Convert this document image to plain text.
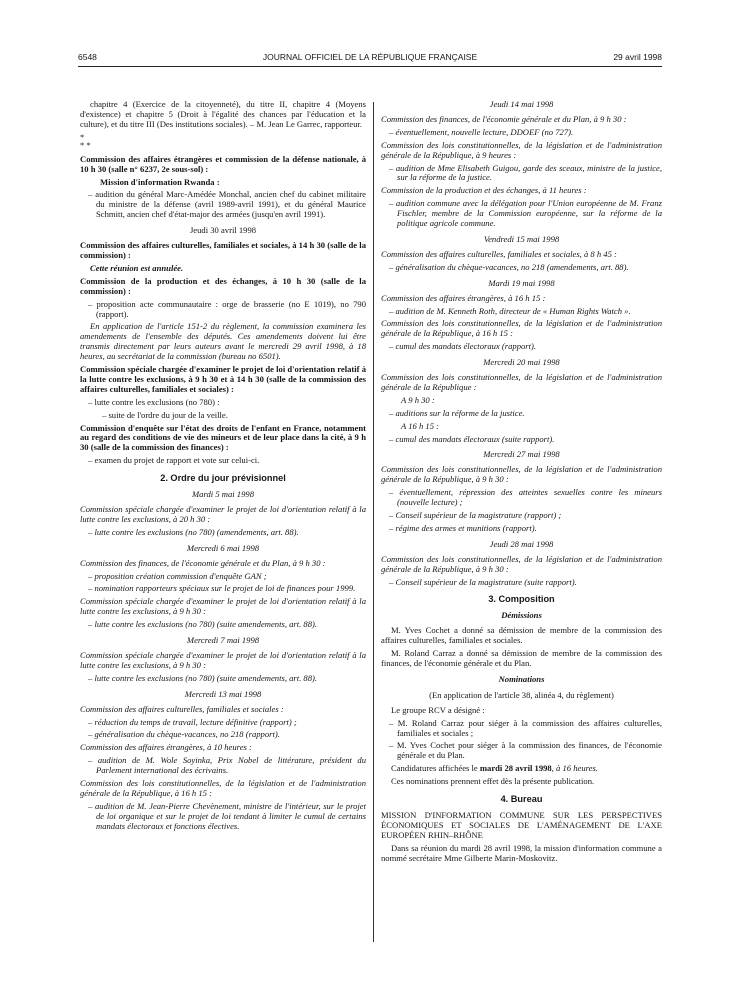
6548	JOURNAL OFFICIEL DE LA RÉPUBLIQUE FRANÇAISE	29 avril 1998

chapitre 4 (Exercice de la citoyenneté), du titre II, chapitre 4 (Moyens d'existence) et chapitre 5 (Droit à l'égalité des chances par l'éducation et la culture), et du titre III (Des institutions sociales). – M. Jean Le Garrec, rapporteur.

*
* *

Commission des affaires étrangères et commission de la défense nationale, à 10 h 30 (salle n° 6237, 2e sous-sol) :

Mission d'information Rwanda :

– audition du général Marc-Amédée Monchal, ancien chef du cabinet militaire du ministre de la défense (avril 1989-avril 1991), et du général Maurice Schmitt, ancien chef d'état-major des armées (jusqu'en avril 1991).

Jeudi 30 avril 1998

Commission des affaires culturelles, familiales et sociales, à 14 h 30 (salle de la commission) :

Cette réunion est annulée.

Commission de la production et des échanges, à 10 h 30 (salle de la commission) :

– proposition acte communautaire : orge de brasserie (no E 1019), no 790 (rapport).

En application de l'article 151-2 du règlement, la commission examinera les amendements de l'ensemble des députés. Ces amendements doivent lui être transmis directement par leurs auteurs avant le mercredi 29 avril 1998, à 18 heures, au secrétariat de la commission (bureau no 6501).

Commission spéciale chargée d'examiner le projet de loi d'orientation relatif à la lutte contre les exclusions, à 9 h 30 et à 14 h 30 (salle de la commission des affaires culturelles, familiales et sociales) :

– lutte contre les exclusions (no 780) :

– suite de l'ordre du jour de la veille.

Commission d'enquête sur l'état des droits de l'enfant en France, notamment au regard des conditions de vie des mineurs et de leur place dans la cité, à 9 h 30 (salle de la commission des finances) :

– examen du projet de rapport et vote sur celui-ci.

2. Ordre du jour prévisionnel

Mardi 5 mai 1998

Commission spéciale chargée d'examiner le projet de loi d'orientation relatif à la lutte contre les exclusions, à 20 h 30 :

– lutte contre les exclusions (no 780) (amendements, art. 88).

Mercredi 6 mai 1998

Commission des finances, de l'économie générale et du Plan, à 9 h 30 :

– proposition création commission d'enquête GAN ;

– nomination rapporteurs spéciaux sur le projet de loi de finances pour 1999.

Commission spéciale chargée d'examiner le projet de loi d'orientation relatif à la lutte contre les exclusions, à 9 h 30 :

– lutte contre les exclusions (no 780) (suite amendements, art. 88).

Mercredi 7 mai 1998

Commission spéciale chargée d'examiner le projet de loi d'orientation relatif à la lutte contre les exclusions, à 9 h 30 :

– lutte contre les exclusions (no 780) (suite amendements, art. 88).

Mercredi 13 mai 1998

Commission des affaires culturelles, familiales et sociales :

– réduction du temps de travail, lecture définitive (rapport) ;

– généralisation du chèque-vacances, no 218 (rapport).

Commission des affaires étrangères, à 10 heures :

– audition de M. Wole Soyinka, Prix Nobel de littérature, président du Parlement international des écrivains.

Commission des lois constitutionnelles, de la législation et de l'administration générale de la République, à 16 h 15 :

– audition de M. Jean-Pierre Chevènement, ministre de l'intérieur, sur le projet de loi organique et sur le projet de loi tendant à limiter le cumul de certains mandats électoraux et fonctions électives.

Jeudi 14 mai 1998

Commission des finances, de l'économie générale et du Plan, à 9 h 30 :

– éventuellement, nouvelle lecture, DDOEF (no 727).

Commission des lois constitutionnelles, de la législation et de l'administration générale de la République, à 9 heures :

– audition de Mme Elisabeth Guigou, garde des sceaux, ministre de la justice, sur la réforme de la justice.

Commission de la production et des échanges, à 11 heures :

– audition commune avec la délégation pour l'Union européenne de M. Franz Fischler, membre de la Commission européenne, sur la réforme de la politique agricole commune.

Vendredi 15 mai 1998

Commission des affaires culturelles, familiales et sociales, à 8 h 45 :

– généralisation du chèque-vacances, no 218 (amendements, art. 88).

Mardi 19 mai 1998

Commission des affaires étrangères, à 16 h 15 :

– audition de M. Kenneth Roth, directeur de « Human Rights Watch ».

Commission des lois constitutionnelles, de la législation et de l'administration générale de la République, à 16 h 15 :

– cumul des mandats électoraux (rapport).

Mercredi 20 mai 1998

Commission des lois constitutionnelles, de la législation et de l'administration générale de la République :

A 9 h 30 :

– auditions sur la réforme de la justice.

A 16 h 15 :

– cumul des mandats électoraux (suite rapport).

Mercredi 27 mai 1998

Commission des lois constitutionnelles, de la législation et de l'administration générale de la République, à 9 h 30 :

– éventuellement, répression des atteintes sexuelles contre les mineurs (nouvelle lecture) ;

– Conseil supérieur de la magistrature (rapport) ;

– régime des armes et munitions (rapport).

Jeudi 28 mai 1998

Commission des lois constitutionnelles, de la législation et de l'administration générale de la République, à 9 h 30 :

– Conseil supérieur de la magistrature (suite rapport).

3. Composition

Démissions

M. Yves Cochet a donné sa démission de membre de la commission des affaires culturelles, familiales et sociales.

M. Roland Carraz a donné sa démission de membre de la commission des finances, de l'économie générale et du Plan.

Nominations

(En application de l'article 38, alinéa 4, du règlement)

Le groupe RCV a désigné :

– M. Roland Carraz pour siéger à la commission des affaires culturelles, familiales et sociales ;

– M. Yves Cochet pour siéger à la commission des finances, de l'économie générale et du Plan.

Candidatures affichées le mardi 28 avril 1998, à 16 heures.

Ces nominations prennent effet dès la présente publication.

4. Bureau

MISSION D'INFORMATION COMMUNE SUR LES PERSPECTIVES ÉCONOMIQUES ET SOCIALES DE L'AMÉNAGEMENT DE L'AXE EUROPÉEN RHIN–RHÔNE

Dans sa réunion du mardi 28 avril 1998, la mission d'information commune a nommé secrétaire Mme Gilberte Marin-Moskovitz.
